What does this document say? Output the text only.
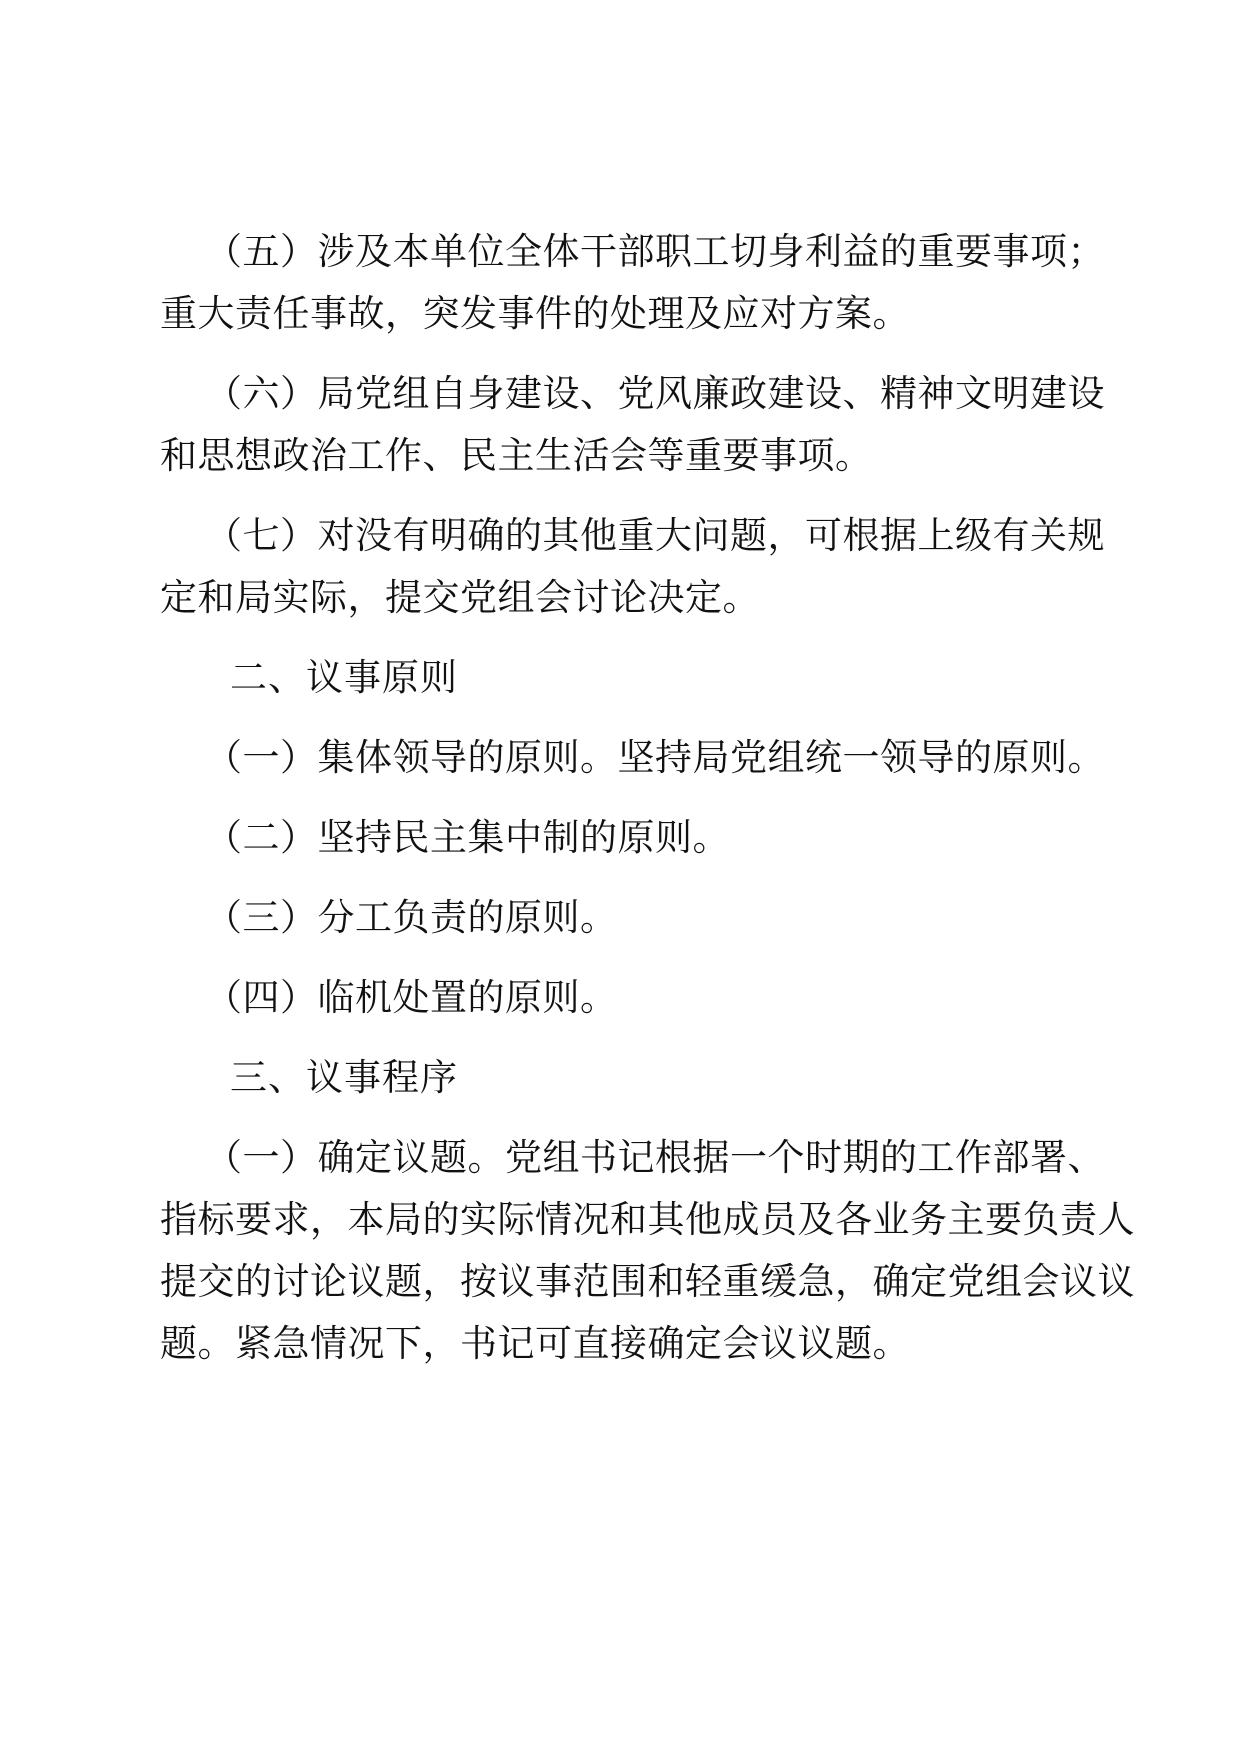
（五）涉及本单位全体干部职工切身利益的重要事项；

重大责任事故，突发事件的处理及应对方案。

（六）局党组自身建设、党风廉政建设、精神文明建设

和思想政治工作、民主生活会等重要事项。

（七）对没有明确的其他重大问题，可根据上级有关规

定和局实际，提交党组会讨论决定。

二、议事原则

（一）集体领导的原则。坚持局党组统一领导的原则。

（二）坚持民主集中制的原则。

（三）分工负责的原则。

（四）临机处置的原则。

三、议事程序

（一）确定议题。党组书记根据一个时期的工作部署、

指标要求，本局的实际情况和其他成员及各业务主要负责人

提交的讨论议题，按议事范围和轻重缓急，确定党组会议议

题。紧急情况下，书记可直接确定会议议题。
